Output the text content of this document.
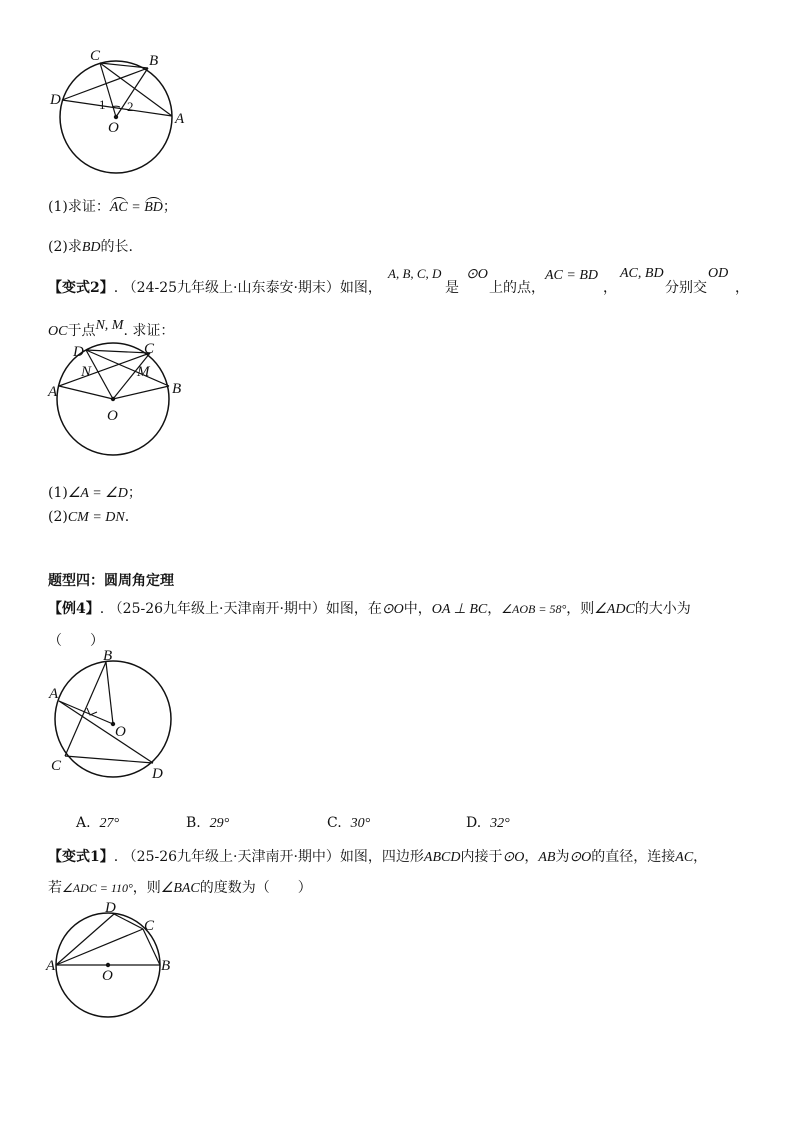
C	B
D
A
O
1 2
(1)求证：AC = BD；
(2)求BD的长.
【变式2】. （24-25九年级上·山东泰安·期末）如图，
A, B, C, D
是
⊙O
上的点，
AC = BD
，
AC, BD
分别交
OD
，
OC于点N, M. 求证：
D	C
N	M
A	B
O
(1)∠A = ∠D；
(2)CM = DN.
题型四：圆周角定理
【例4】. （25-26九年级上·天津南开·期中）如图，在⊙O中，OA ⊥ BC，∠AOB = 58°，则∠ADC的大小为
（　　）
B
A
O
C	D
A. 27°	B. 29°	C. 30°	D. 32°
【变式1】. （25-26九年级上·天津南开·期中）如图，四边形ABCD内接于⊙O，AB为⊙O的直径，连接AC，
若∠ADC = 110°，则∠BAC的度数为（　　）
D
C
A	B
O
